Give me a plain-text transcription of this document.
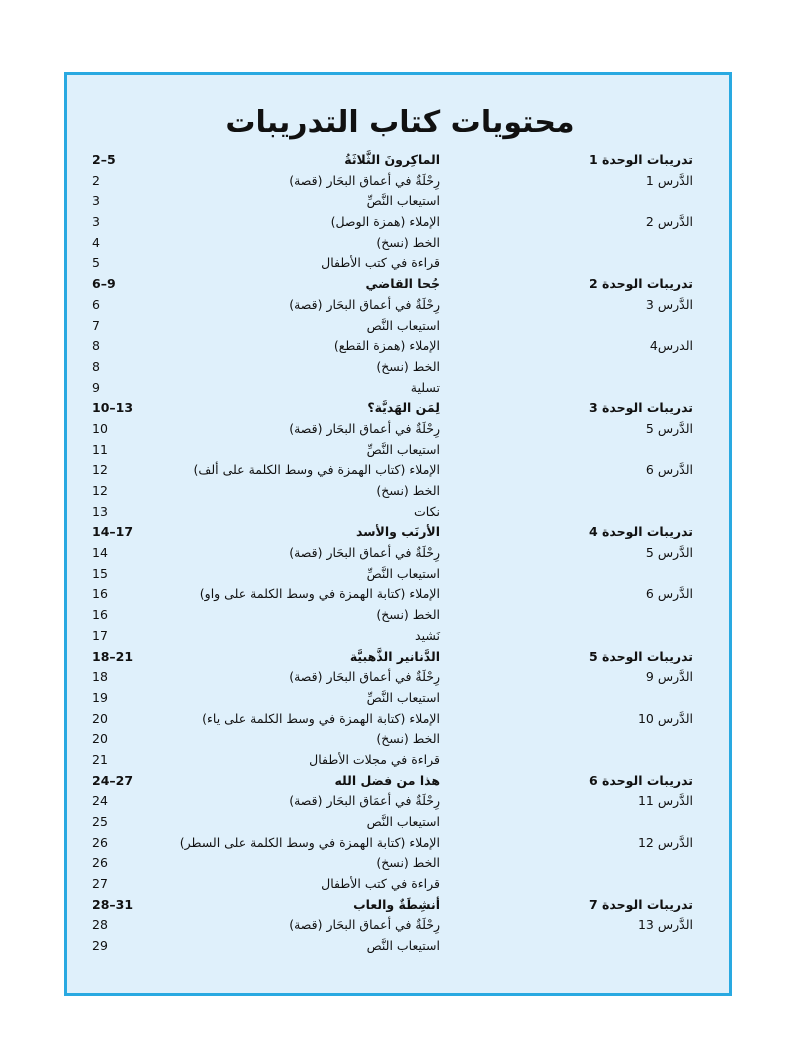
محتويات كتاب التدريبات
تدريبات الوحدة 1
الماكِرونَ الثَّلاثَةُ
2–5
الدَّرس 1
رِحْلَةٌ في أعماق البحَار (قصة)
2
استيعاب النَّصِّ
3
الدَّرس 2
الإملاء (همزة الوصل)
3
الخط (نسخ)
4
قراءة في كتب الأطفال
5
تدريبات الوحدة 2
جُحا القاضي
6–9
الدَّرس 3
رِحْلَةٌ في أعماق البحَار (قصة)
6
استيعاب النَّص
7
الدرس4
الإملاء (همزة القطع)
8
الخط (نسخ)
8
تسلية
9
تدريبات الوحدة 3
لِمَن الهَديَّة؟
10–13
الدَّرس 5
رِحْلَةٌ في أعماق البحَار (قصة)
10
استيعاب النَّصِّ
11
الدَّرس 6
الإملاء (كتاب الهمزة في وسط الكلمة على ألف)
12
الخط (نسخ)
12
نكات
13
تدريبات الوحدة 4
الأرنَب والأسد
14–17
الدَّرس 5
رِحْلَةٌ في أعماق البحَار (قصة)
14
استيعاب النَّصِّ
15
الدَّرس 6
الإملاء (كتابة الهمزة في وسط الكلمة على واو)
16
الخط (نسخ)
16
نَشيد
17
تدريبات الوحدة 5
الدَّنانير الذَّهبيَّة
18–21
الدَّرس 9
رِحْلَةٌ في أعماق البحَار (قصة)
18
استيعاب النَّصِّ
19
الدَّرس 10
الإملاء (كتابة الهمزة في وسط الكلمة على ياء)
20
الخط (نسخ)
20
قراءة في مجلات الأطفال
21
تدريبات الوحدة 6
هذا من فضل الله
24–27
الدَّرس 11
رِحْلَةٌ في أعمَاق البحَار (قصة)
24
استيعاب النَّص
25
الدَّرس 12
الإملاء (كتابة الهمزة في وسط الكلمة على السطر)
26
الخط (نسخ)
26
قراءة في كتب الأطفال
27
تدريبات الوحدة 7
أنشِطَةٌ والعاب
28–31
الدَّرس 13
رِحْلَةٌ في أعماق البحَار (قصة)
28
استيعاب النَّص
29
